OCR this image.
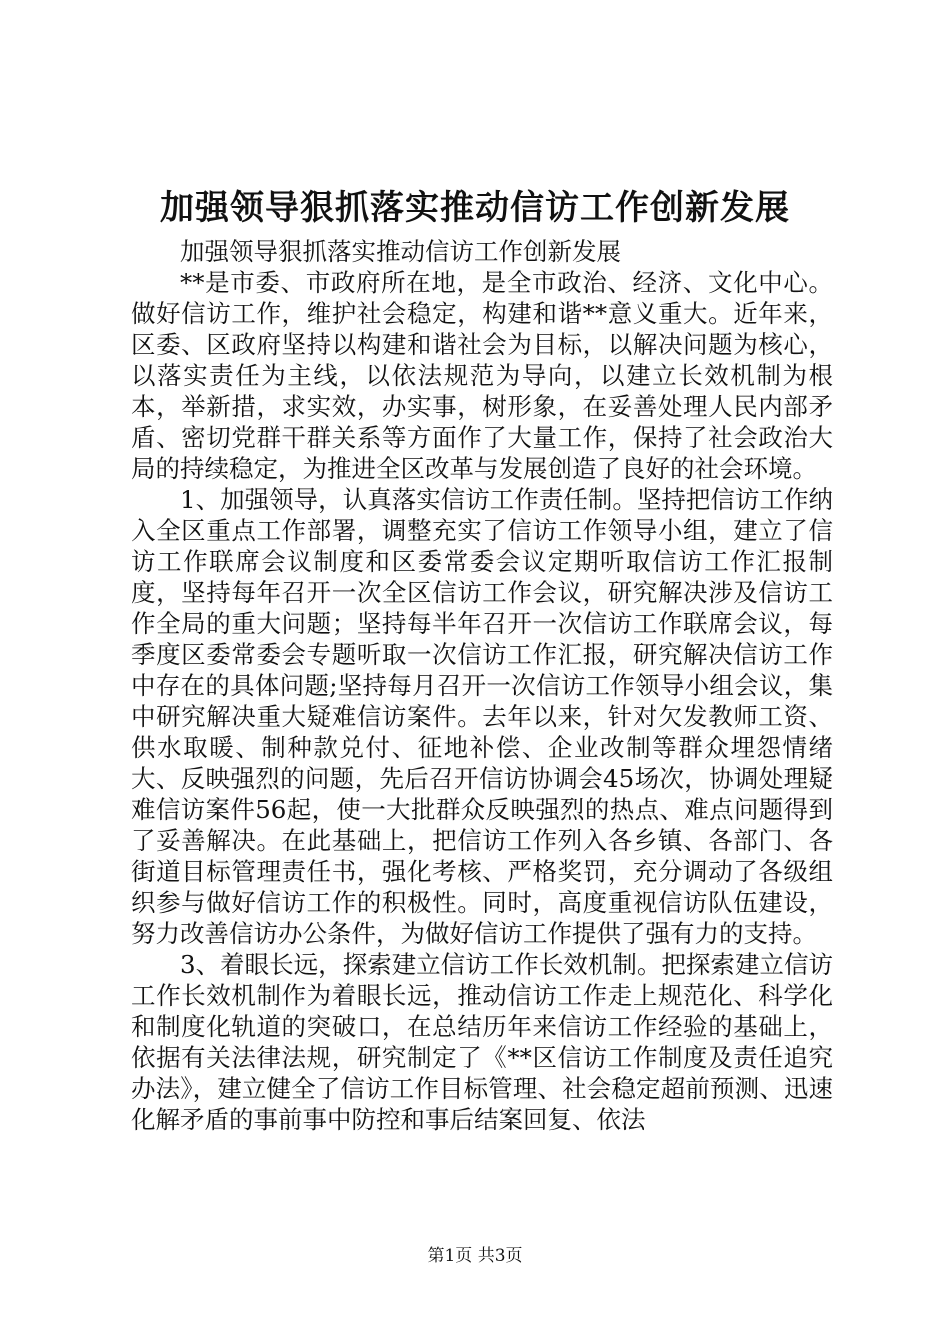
加强领导狠抓落实推动信访工作创新发展

加强领导狠抓落实推动信访工作创新发展

**是市委、市政府所在地，是全市政治、经济、文化中心。做好信访工作，维护社会稳定，构建和谐**意义重大。近年来，区委、区政府坚持以构建和谐社会为目标，以解决问题为核心，以落实责任为主线，以依法规范为导向，以建立长效机制为根本，举新措，求实效，办实事，树形象，在妥善处理人民内部矛盾、密切党群干群关系等方面作了大量工作，保持了社会政治大局的持续稳定，为推进全区改革与发展创造了良好的社会环境。

1、加强领导，认真落实信访工作责任制。坚持把信访工作纳入全区重点工作部署，调整充实了信访工作领导小组，建立了信访工作联席会议制度和区委常委会议定期听取信访工作汇报制度，坚持每年召开一次全区信访工作会议，研究解决涉及信访工作全局的重大问题；坚持每半年召开一次信访工作联席会议，每季度区委常委会专题听取一次信访工作汇报，研究解决信访工作中存在的具体问题;坚持每月召开一次信访工作领导小组会议，集中研究解决重大疑难信访案件。去年以来，针对欠发教师工资、供水取暖、制种款兑付、征地补偿、企业改制等群众埋怨情绪大、反映强烈的问题，先后召开信访协调会45场次，协调处理疑难信访案件56起，使一大批群众反映强烈的热点、难点问题得到了妥善解决。在此基础上，把信访工作列入各乡镇、各部门、各街道目标管理责任书，强化考核、严格奖罚，充分调动了各级组织参与做好信访工作的积极性。同时，高度重视信访队伍建设，努力改善信访办公条件，为做好信访工作提供了强有力的支持。

3、着眼长远，探索建立信访工作长效机制。把探索建立信访工作长效机制作为着眼长远，推动信访工作走上规范化、科学化和制度化轨道的突破口，在总结历年来信访工作经验的基础上，依据有关法律法规，研究制定了《**区信访工作制度及责任追究办法》，建立健全了信访工作目标管理、社会稳定超前预测、迅速化解矛盾的事前事中防控和事后结案回复、依法

第1页 共3页
